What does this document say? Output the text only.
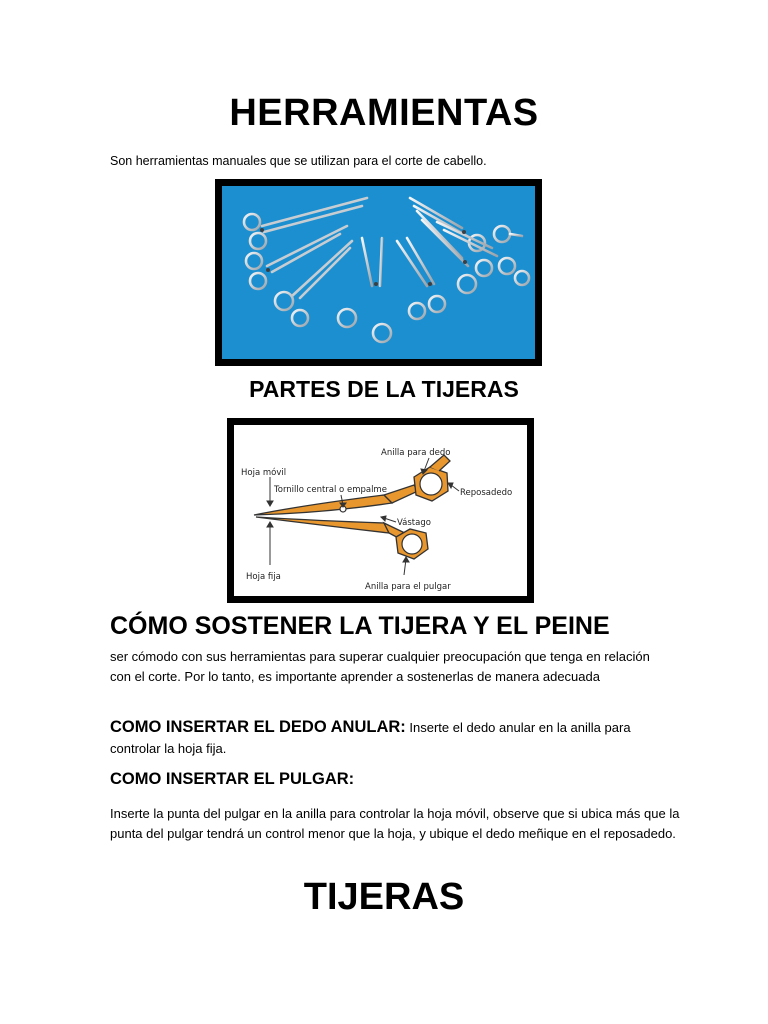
HERRAMIENTAS
Son herramientas manuales que se utilizan para el corte de cabello.
PARTES DE LA TIJERAS
Hoja móvil
Tornillo central o empalme
Anilla para dedo
Reposadedo
Vástago
Hoja fija
Anilla para el pulgar
CÓMO SOSTENER LA TIJERA Y EL PEINE
ser cómodo con sus herramientas para superar cualquier preocupación que tenga en relación con el corte. Por lo tanto, es importante aprender a sostenerlas de manera adecuada
COMO INSERTAR EL DEDO ANULAR: Inserte el dedo anular en la anilla para controlar la hoja fija.
COMO INSERTAR EL PULGAR:
Inserte la punta del pulgar en la anilla para controlar la hoja móvil, observe que si ubica más que la punta del pulgar tendrá un control menor que la hoja, y ubique el dedo meñique en el reposadedo.
TIJERAS
